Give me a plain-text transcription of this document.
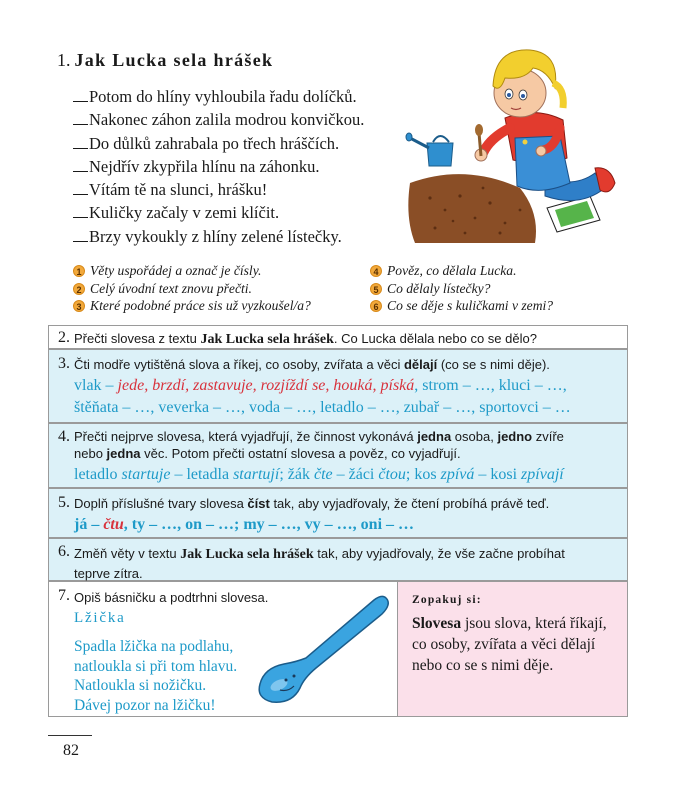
1. Jak Lucka sela hrášek
Potom do hlíny vyhloubila řadu dolíčků.
Nakonec záhon zalila modrou konvičkou.
Do důlků zahrabala po třech hráščích.
Nejdřív zkypřila hlínu na záhonku.
Vítám tě na slunci, hrášku!
Kuličky začaly v zemi klíčit.
Brzy vykoukly z hlíny zelené lístečky.
1 Věty uspořádej a označ je čísly.
2 Celý úvodní text znovu přečti.
3 Které podobné práce sis už vyzkoušel/a?
4 Pověz, co dělala Lucka.
5 Co dělaly lístečky?
6 Co se děje s kuličkami v zemi?
2. Přečti slovesa z textu Jak Lucka sela hrášek. Co Lucka dělala nebo co se dělo?
3. Čti modře vytištěná slova a říkej, co osoby, zvířata a věci dělají (co se s nimi děje).
vlak – jede, brzdí, zastavuje, rozjíždí se, houká, píská, strom – …, kluci – …,
štěňata – …, veverka – …, voda – …, letadlo – …, zubař – …, sportovci – …
4. Přečti nejprve slovesa, která vyjadřují, že činnost vykonává jedna osoba, jedno zvíře
nebo jedna věc. Potom přečti ostatní slovesa a pověz, co vyjadřují.
letadlo startuje – letadla startují; žák čte – žáci čtou; kos zpívá – kosi zpívají
5. Doplň příslušné tvary slovesa číst tak, aby vyjadřovaly, že čtení probíhá právě teď.
já – čtu, ty – …, on – …; my – …, vy – …, oni – …
6. Změň věty v textu Jak Lucka sela hrášek tak, aby vyjadřovaly, že vše začne probíhat
teprve zítra.
7. Opiš básničku a podtrhni slovesa.
Lžička
Spadla lžička na podlahu,
natloukla si při tom hlavu.
Natloukla si nožičku.
Dávej pozor na lžičku!
Zopakuj si:
Slovesa jsou slova, která říkají, co osoby, zvířata a věci dělají nebo co se s nimi děje.
82
